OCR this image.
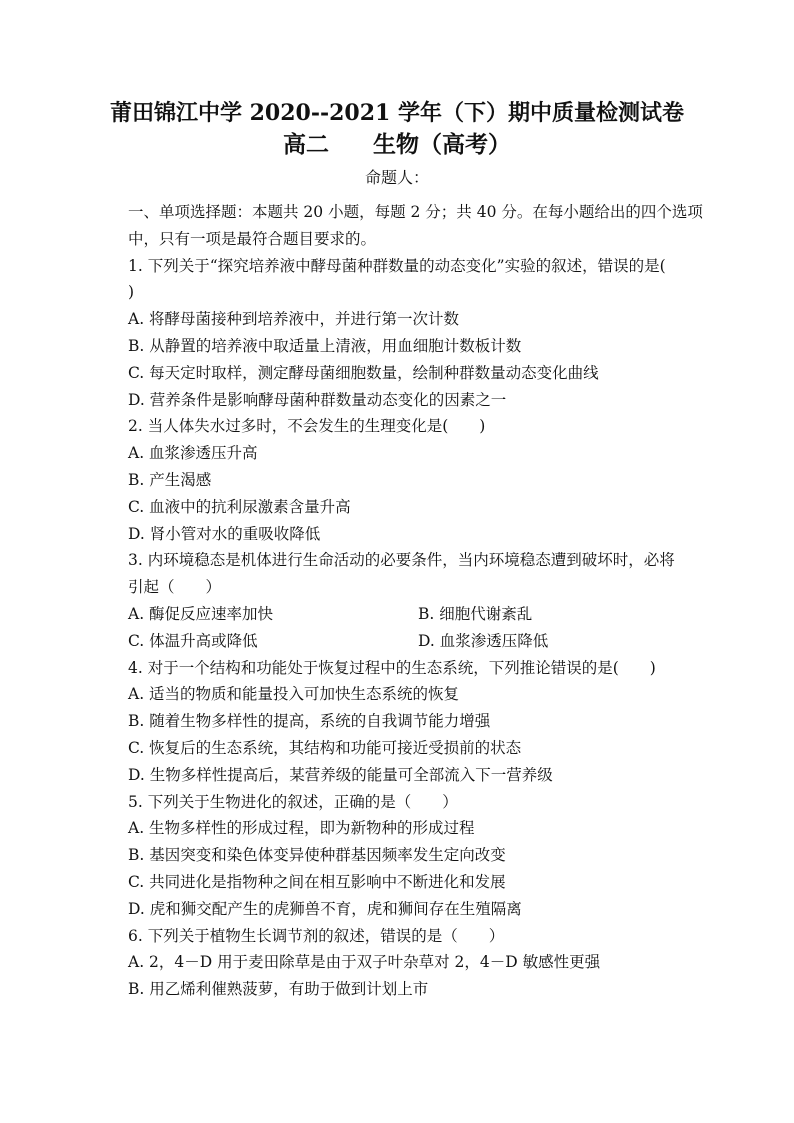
莆田锦江中学 2020--2021 学年（下）期中质量检测试卷
高二 生物（高考）
命题人：
一、单项选择题：本题共 20 小题，每题 2 分；共 40 分。在每小题给出的四个选项
中，只有一项是最符合题目要求的。
1. 下列关于“探究培养液中酵母菌种群数量的动态变化”实验的叙述，错误的是(
)
A. 将酵母菌接种到培养液中，并进行第一次计数
B. 从静置的培养液中取适量上清液，用血细胞计数板计数
C. 每天定时取样，测定酵母菌细胞数量，绘制种群数量动态变化曲线
D. 营养条件是影响酵母菌种群数量动态变化的因素之一
2. 当人体失水过多时，不会发生的生理变化是(　　)
A. 血浆渗透压升高
B. 产生渴感
C. 血液中的抗利尿激素含量升高
D. 肾小管对水的重吸收降低
3. 内环境稳态是机体进行生命活动的必要条件，当内环境稳态遭到破坏时，必将
引起（　　）
A. 酶促反应速率加快	B. 细胞代谢紊乱
C. 体温升高或降低	D. 血浆渗透压降低
4. 对于一个结构和功能处于恢复过程中的生态系统，下列推论错误的是(　　)
A. 适当的物质和能量投入可加快生态系统的恢复
B. 随着生物多样性的提高，系统的自我调节能力增强
C. 恢复后的生态系统，其结构和功能可接近受损前的状态
D. 生物多样性提高后，某营养级的能量可全部流入下一营养级
5. 下列关于生物进化的叙述，正确的是（　　）
A. 生物多样性的形成过程，即为新物种的形成过程
B. 基因突变和染色体变异使种群基因频率发生定向改变
C. 共同进化是指物种之间在相互影响中不断进化和发展
D. 虎和狮交配产生的虎狮兽不育，虎和狮间存在生殖隔离
6. 下列关于植物生长调节剂的叙述，错误的是（　　）
A. 2，4－D 用于麦田除草是由于双子叶杂草对 2，4－D 敏感性更强
B. 用乙烯利催熟菠萝，有助于做到计划上市
